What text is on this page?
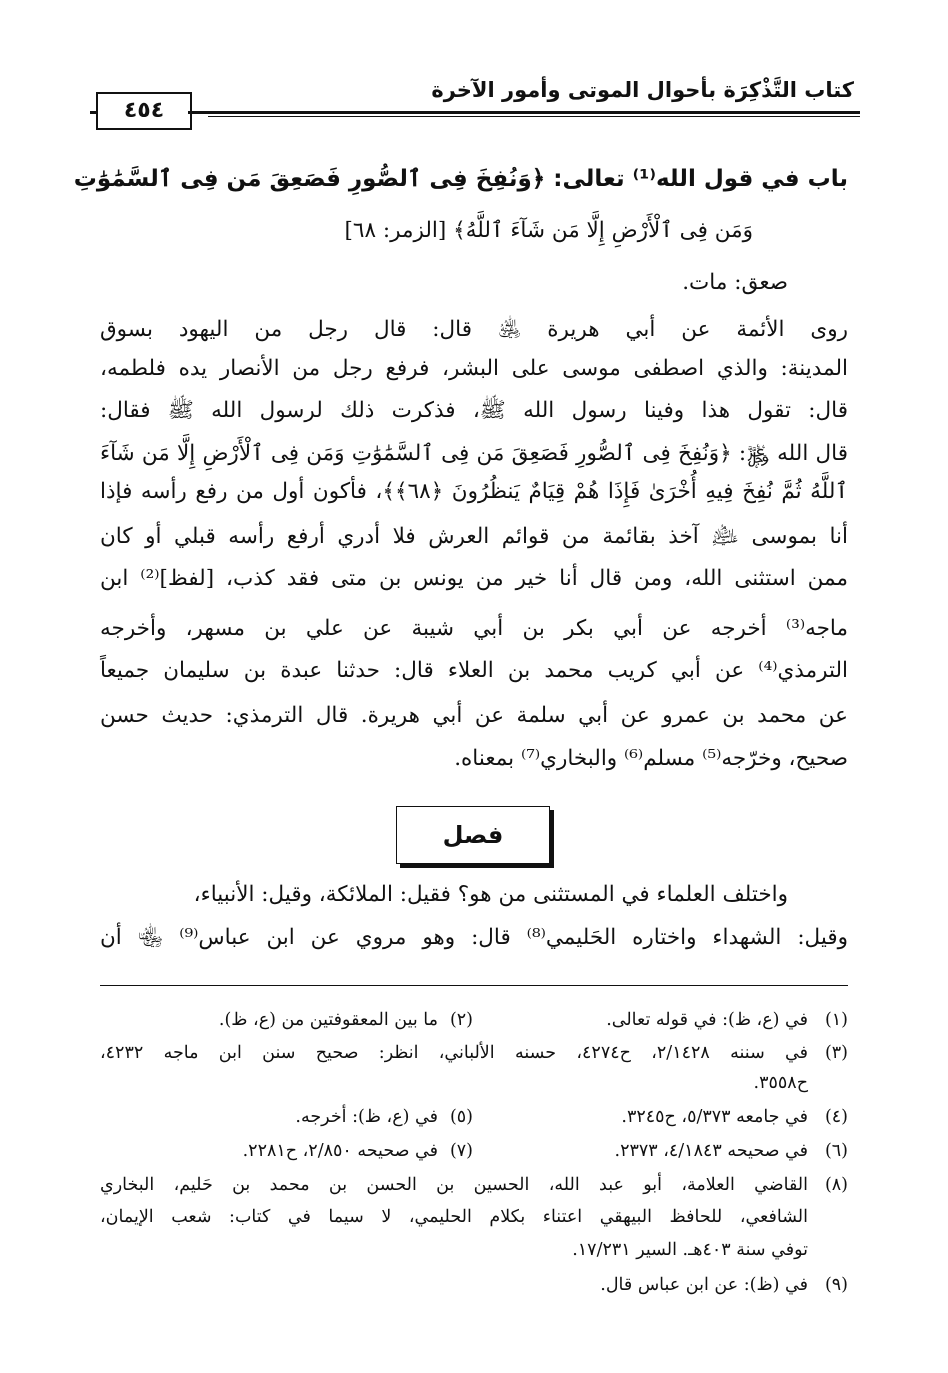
كتاب التَّذْكِرَة بأحوال الموتى وأمور الآخرة
٤٥٤
باب في قول الله⁽¹⁾ تعالى: ﴿وَنُفِخَ فِى ٱلصُّورِ فَصَعِقَ مَن فِى ٱلسَّمَٰوَٰتِ
وَمَن فِى ٱلْأَرْضِ إِلَّا مَن شَآءَ ٱللَّهُ﴾ [الزمر: ٦٨]
صعق: مات.
روى الأئمة عن أبي هريرة ﵁ قال: قال رجل من اليهود بسوق
المدينة: والذي اصطفى موسى على البشر، فرفع رجل من الأنصار يده فلطمه،
قال: تقول هذا وفينا رسول الله ﷺ، فذكرت ذلك لرسول الله ﷺ فقال:
قال الله ﷿: ﴿وَنُفِخَ فِى ٱلصُّورِ فَصَعِقَ مَن فِى ٱلسَّمَٰوَٰتِ وَمَن فِى ٱلْأَرْضِ إِلَّا مَن شَآءَ
ٱللَّهُ ثُمَّ نُفِخَ فِيهِ أُخْرَىٰ فَإِذَا هُمْ قِيَامٌ يَنظُرُونَ ﴿٦٨﴾﴾، فأكون أول من رفع رأسه فإذا
أنا بموسى ﵇ آخذ بقائمة من قوائم العرش فلا أدري أرفع رأسه قبلي أو كان
ممن استثنى الله، ومن قال أنا خير من يونس بن متى فقد كذب، [لفظ]⁽²⁾ ابن
ماجه⁽³⁾ أخرجه عن أبي بكر بن أبي شيبة عن علي بن مسهر، وأخرجه
الترمذي⁽⁴⁾ عن أبي كريب محمد بن العلاء قال: حدثنا عبدة بن سليمان جميعاً
عن محمد بن عمرو عن أبي سلمة عن أبي هريرة. قال الترمذي: حديث حسن
صحيح، وخرّجه⁽⁵⁾ مسلم⁽⁶⁾ والبخاري⁽⁷⁾ بمعناه.
فصل
واختلف العلماء في المستثنى من هو؟ فقيل: الملائكة، وقيل: الأنبياء،
وقيل: الشهداء واختاره الحَليمي⁽⁸⁾ قال: وهو مروي عن ابن عباس⁽⁹⁾ ﵄ أن
(١)
في (ع، ظ): في قوله تعالى.
(٢)
ما بين المعقوفتين من (ع، ظ).
(٣)
في سننه ٢/١٤٢٨، ح٤٢٧٤، حسنه الألباني، انظر: صحيح سنن ابن ماجه ٤٢٣٢،
ح٣٥٥٨.
(٤)
في جامعه ٥/٣٧٣، ح٣٢٤٥.
(٥)
في (ع، ظ): أخرجه.
(٦)
في صحيحه ٤/١٨٤٣، ٢٣٧٣.
(٧)
في صحيحه ٢/٨٥٠، ح٢٢٨١.
(٨)
القاضي العلامة، أبو عبد الله، الحسين بن الحسن بن محمد بن حَليم، البخاري
الشافعي، للحافظ البيهقي اعتناء بكلام الحليمي، لا سيما في كتاب: شعب الإيمان،
توفي سنة ٤٠٣هـ. السير ١٧/٢٣١.
(٩)
في (ظ): عن ابن عباس قال.
